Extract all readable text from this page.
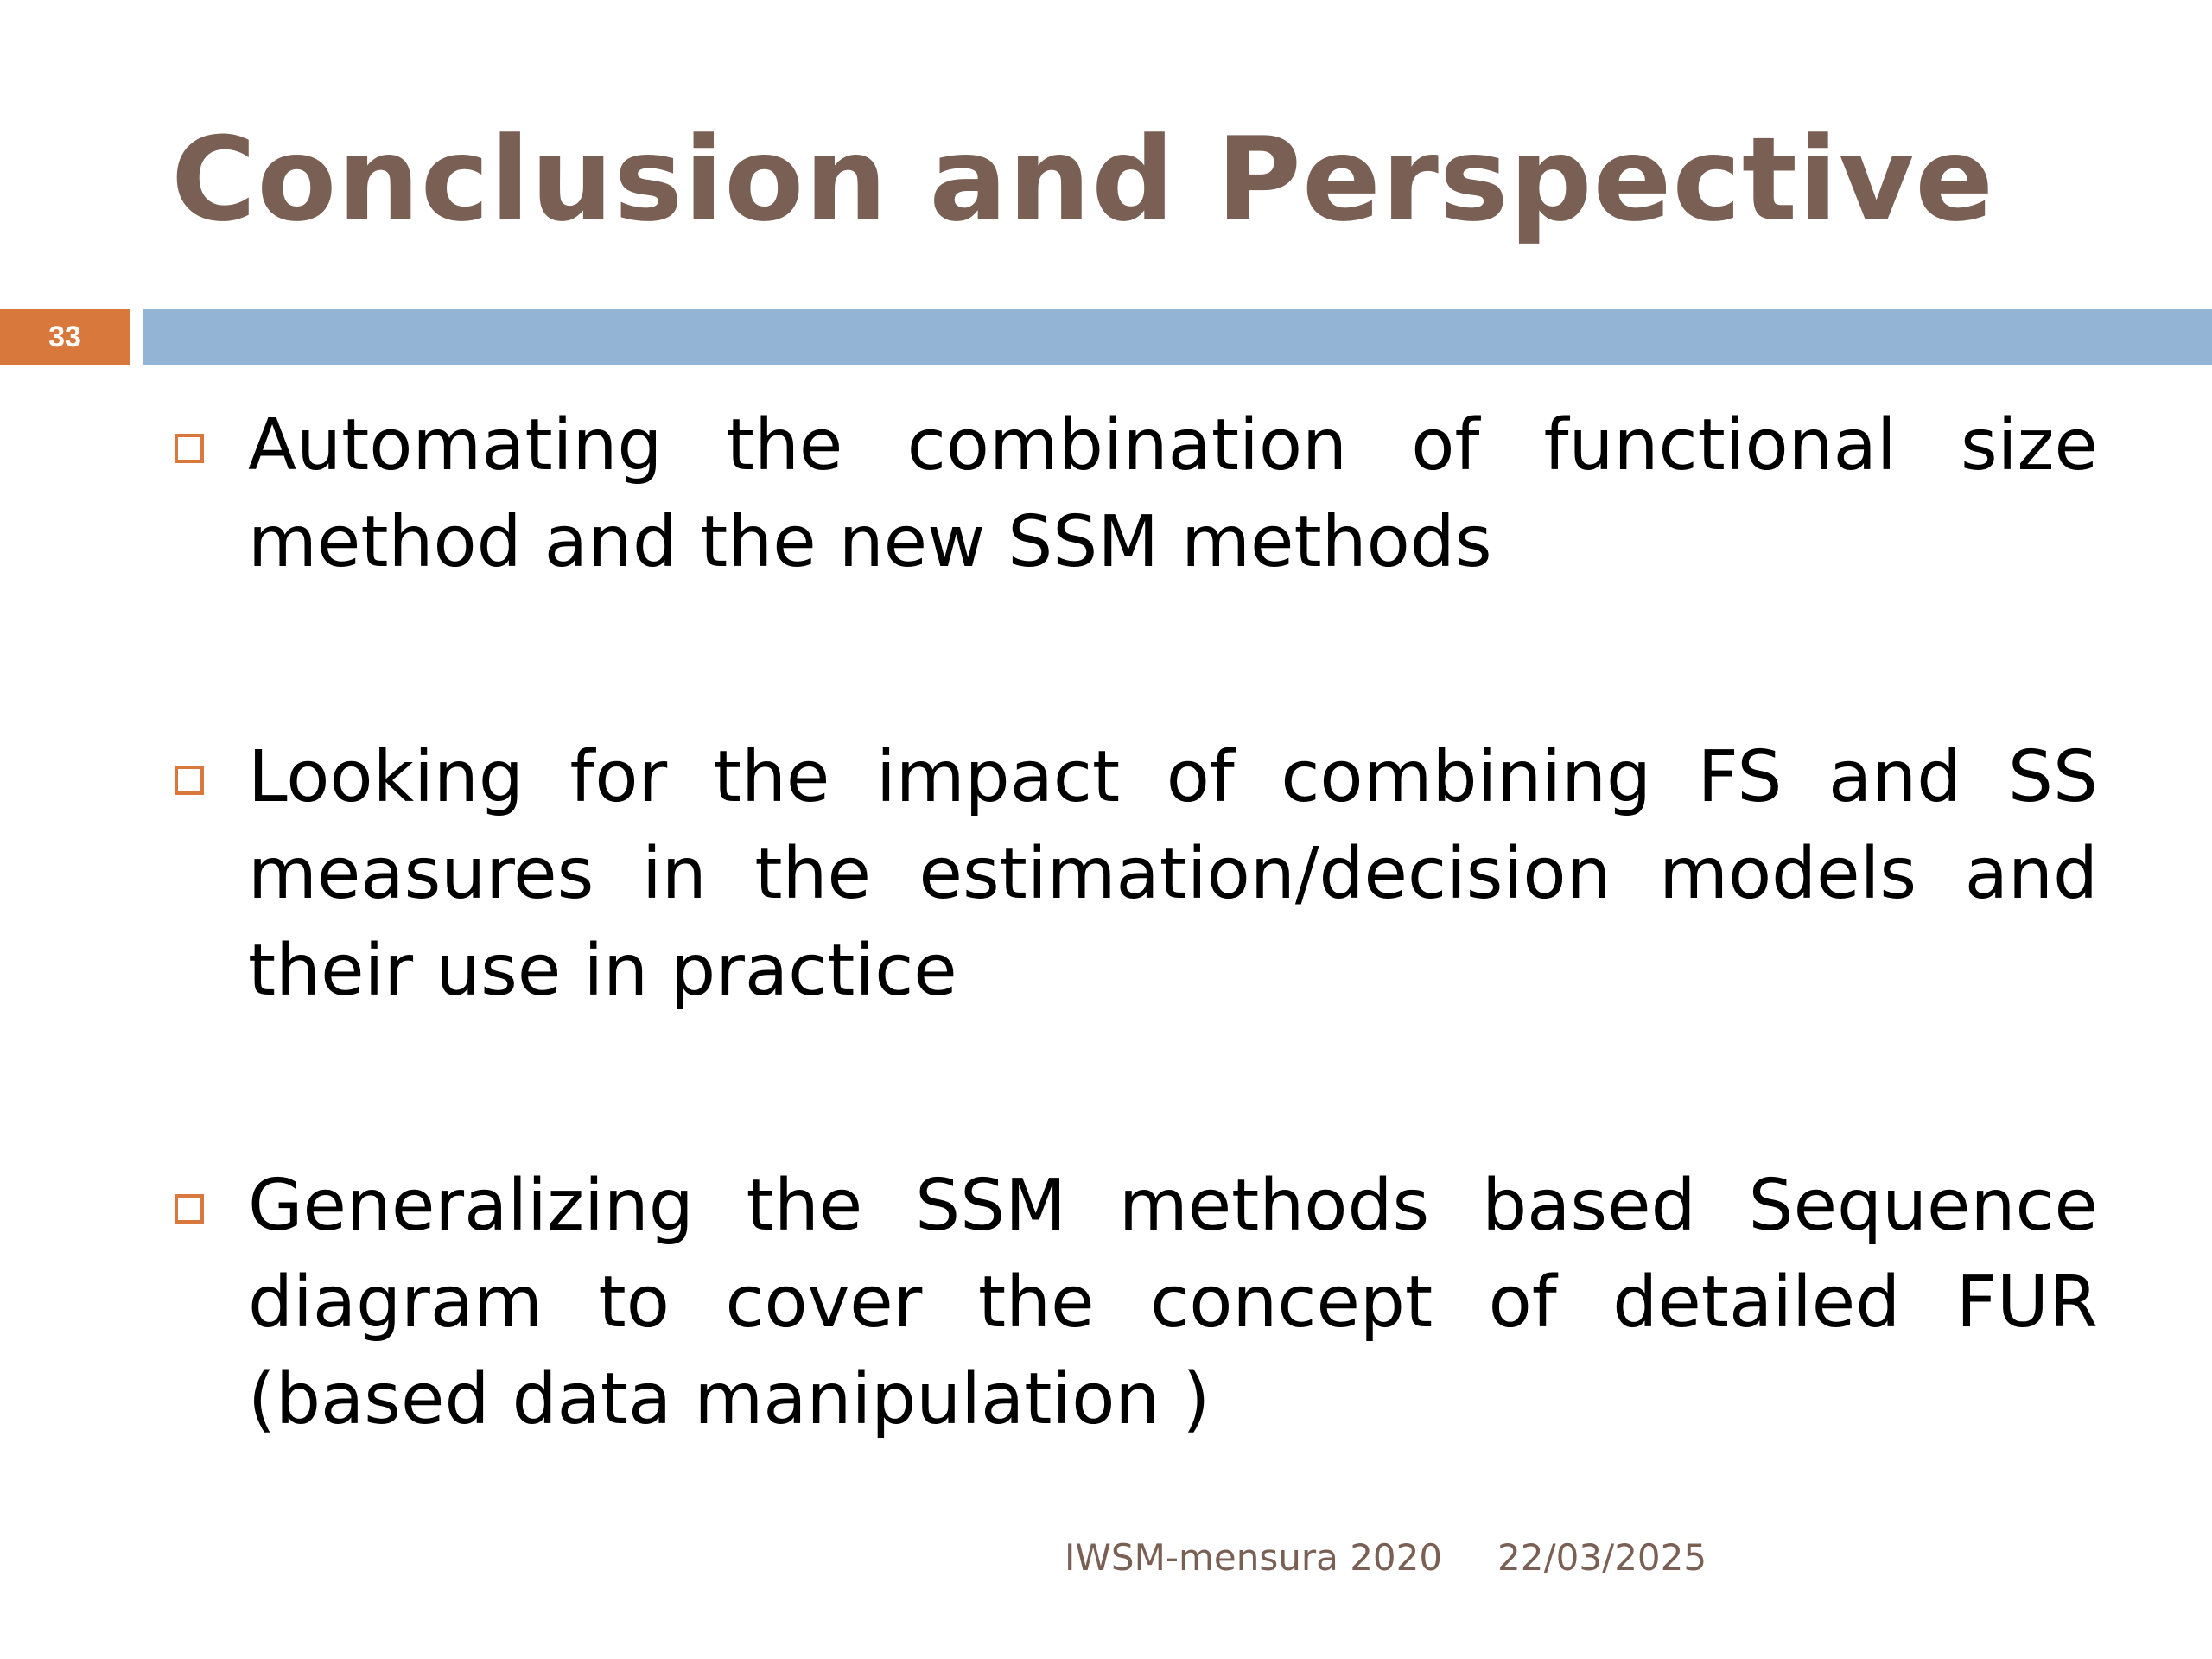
Conclusion and Perspective
33
Automating the combination of functional size method and the new SSM methods
Looking for the impact of combining FS and SS measures in the estimation/decision models and their use in practice
Generalizing the SSM methods based Sequence diagram to cover the concept of detailed FUR (based data manipulation )
IWSM-mensura 2020 22/03/2025
